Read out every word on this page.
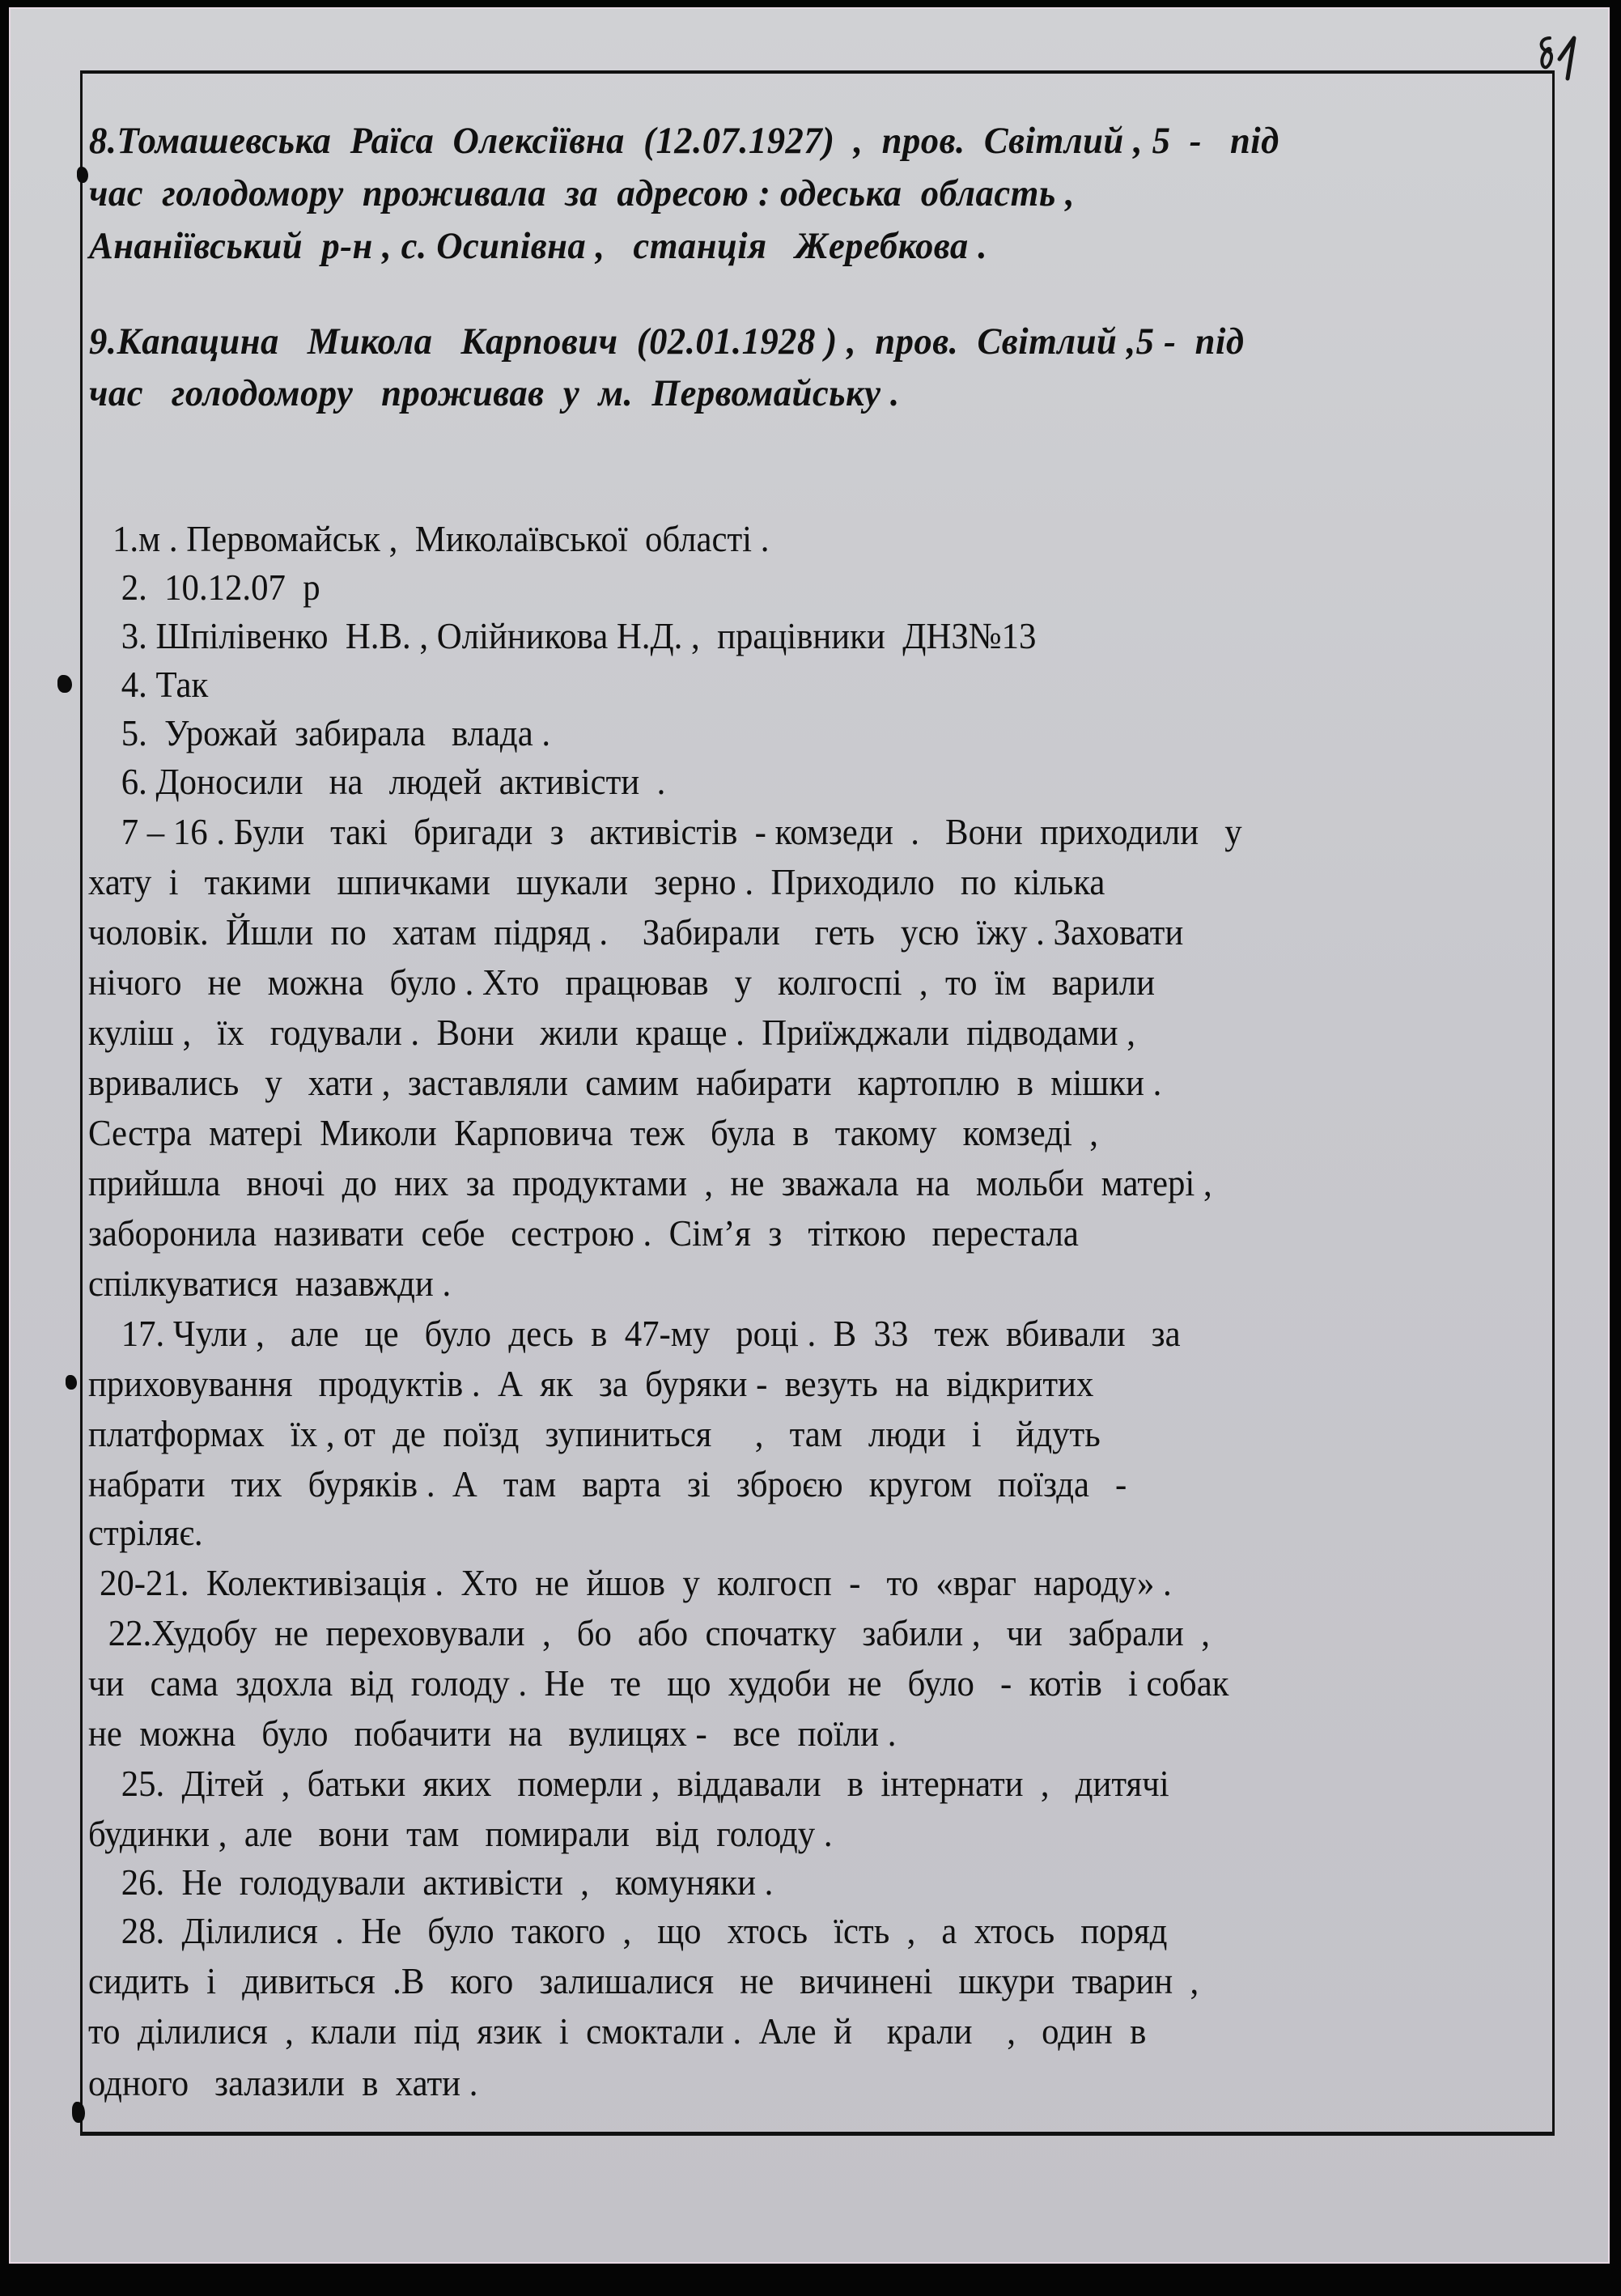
8.Томашевська  Раїса  Олексіївна  (12.07.1927)  ,  пров.  Світлий , 5  -   під
час  голодомору  проживала  за  адресою : одеська  область ,
Ананіївський  р-н , с. Осипівна ,   станція   Жеребкова .
9.Капацина   Микола   Карпович  (02.01.1928 ) ,  пров.  Світлий ,5 -  під
час   голодомору   проживав  у  м.  Первомайську .
1.м . Первомайськ ,  Миколаївської  області .
2.  10.12.07  р
3. Шпілівенко  Н.В. , Олійникова Н.Д. ,  працівники  ДНЗ№13
4. Так
5.  Урожай  забирала   влада .
6. Доносили   на   людей  активісти  .
7 – 16 . Були   такі   бригади  з   активістів  - комзеди  .   Вони  приходили   у
хату  і   такими   шпичками   шукали   зерно .  Приходило   по  кілька
чоловік.  Йшли  по   хатам  підряд .    Забирали    геть   усю  їжу . Заховати
нічого   не   можна   було . Хто   працював   у   колгоспі  ,  то  їм   варили
куліш ,   їх   годували .  Вони   жили  краще .  Приїжджали  підводами ,
вривались   у   хати ,  заставляли  самим  набирати   картоплю  в  мішки .
Сестра  матері  Миколи  Карповича  теж   була  в   такому   комзеді  ,
прийшла   вночі  до  них  за  продуктами  ,  не  зважала  на   мольби  матері ,
заборонила  називати  себе   сестрою .  Сім’я  з   тіткою   перестала
спілкуватися  назавжди .
17. Чули ,   але   це   було  десь  в  47-му   році .  В  33   теж  вбивали   за
приховування   продуктів .  А  як   за  буряки -  везуть  на  відкритих
платформах   їх , от  де  поїзд   зупиниться     ,   там   люди   і    йдуть
набрати   тих   буряків .  А   там   варта   зі   зброєю   кругом   поїзда   -
стріляє.
20-21.  Колективізація .  Хто  не  йшов  у  колгосп  -   то  «враг  народу» .
22.Худобу  не  переховували  ,   бо   або  спочатку   забили ,   чи   забрали  ,
чи   сама  здохла  від  голоду .  Не   те   що  худоби  не   було   -  котів   і собак
не  можна   було   побачити  на   вулицях -   все  поїли .
25.  Дітей  ,  батьки  яких   померли ,  віддавали   в  інтернати  ,   дитячі
будинки ,  але   вони  там   помирали   від  голоду .
26.  Не  голодували  активісти  ,   комуняки .
28.  Ділилися  .  Не   було  такого  ,   що   хтось   їсть  ,   а  хтось   поряд
сидить  і   дивиться  .В   кого   залишалися   не   вичинені   шкури  тварин  ,
то  ділилися  ,  клали  під  язик  і  смоктали .  Але  й    крали    ,   один  в
одного   залазили  в  хати .
